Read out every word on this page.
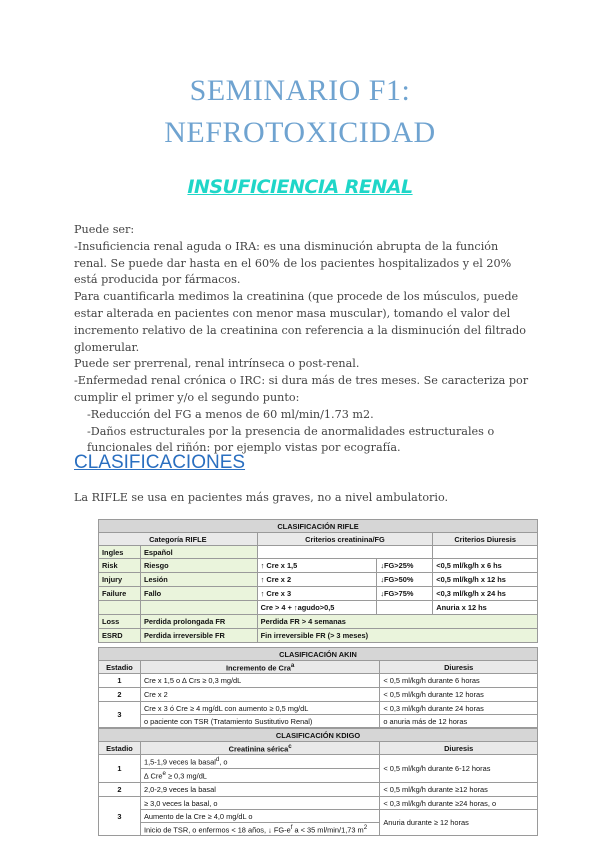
SEMINARIO F1:
NEFROTOXICIDAD
INSUFICIENCIA RENAL

Puede ser:

-Insuficiencia renal aguda o IRA: es una disminución abrupta de la función renal. Se puede dar hasta en el 60% de los pacientes hospitalizados y el 20% está producida por fármacos.

Para cuantificarla medimos la creatinina (que procede de los músculos, puede estar alterada en pacientes con menor masa muscular), tomando el valor del incremento relativo de la creatinina con referencia a la disminución del filtrado glomerular.

Puede ser prerrenal, renal intrínseca o post-renal.

-Enfermedad renal crónica o IRC: si dura más de tres meses. Se caracteriza por cumplir el primer y/o el segundo punto:

-Reducción del FG a menos de 60 ml/min/1.73 m2.

-Daños estructurales por la presencia de anormalidades estructurales o funcionales del riñón: por ejemplo vistas por ecografía.

CLASIFICACIONES
La RIFLE se usa en pacientes más graves, no a nivel ambulatorio.
CLASIFICACIÓN RIFLE				
Categoría RIFLE		Criterios creatinina/FG		Criterios Diuresis
Ingles	Español			
Risk	Riesgo	↑ Cre x 1,5	↓FG>25%	<0,5 ml/kg/h x 6 hs
Injury	Lesión	↑ Cre x 2	↓FG>50%	<0,5 ml/kg/h x 12 hs
Failure	Fallo	↑ Cre x 3	↓FG>75%	<0,3 ml/kg/h x 24 hs
		Cre > 4 + ↑agudo>0,5		Anuria x 12 hs
Loss	Perdida prolongada FR	Perdida FR > 4 semanas		
ESRD	Perdida irreversible FR	Fin irreversible FR (> 3 meses)		
CLASIFICACIÓN AKIN		
Estadio	Incremento de Cra$^a$	Diuresis
1	Cre x 1,5 o ∆ Crs ≥ 0,3 mg/dL	< 0,5 ml/kg/h durante 6 horas
2	Cre x 2	< 0,5 ml/kg/h durante 12 horas
3	Cre x 3 ó Cre ≥ 4 mg/dL con aumento ≥ 0,5 mg/dL	< 0,3 ml/kg/h durante 24 horas
	o paciente con TSR (Tratamiento Sustitutivo Renal)	o anuria más de 12 horas
CLASIFICACIÓN KDIGO		
Estadio	Creatinina sérica$^c$	Diuresis
1	1,5-1,9 veces la basal$^d$, o	< 0,5 ml/kg/h durante 6-12 horas
	∆ Cre$^e$ ≥ 0,3 mg/dL	
2	2,0-2,9 veces la basal	< 0,5 ml/kg/h durante ≥12 horas
3	≥ 3,0 veces la basal, o	< 0,3 ml/kg/h durante ≥24 horas, o
	Aumento de la Cre ≥ 4,0 mg/dL o	Anuria durante ≥ 12 horas
	Inicio de TSR, o enfermos < 18 años, ↓ $FG-e^f$ a < 35 ml/min/1,73 $m^2$
